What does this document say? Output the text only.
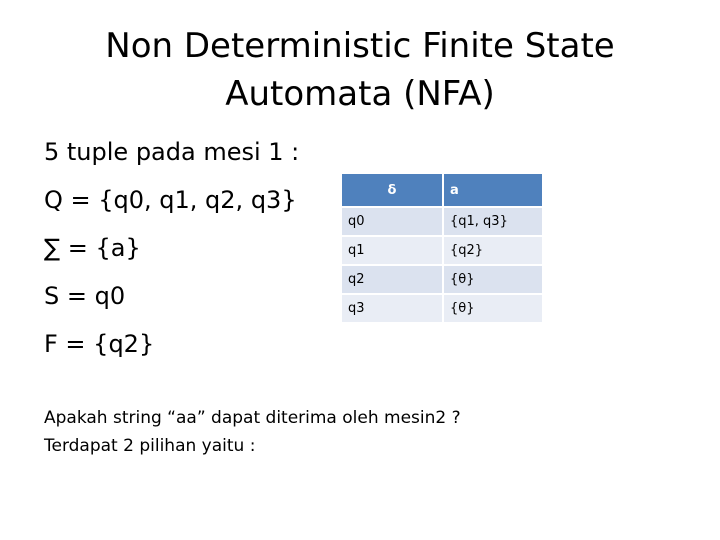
Non Deterministic Finite State
Automata (NFA)
5 tuple pada mesi 1 :
Q = {q0, q1, q2, q3}
∑ = {a}
S = q0
F = {q2}
δ	a
q0	{q1, q3}
q1	{q2}
q2	{θ}
q3	{θ}
Apakah string “aa” dapat diterima oleh mesin2 ?
Terdapat 2 pilihan yaitu :
